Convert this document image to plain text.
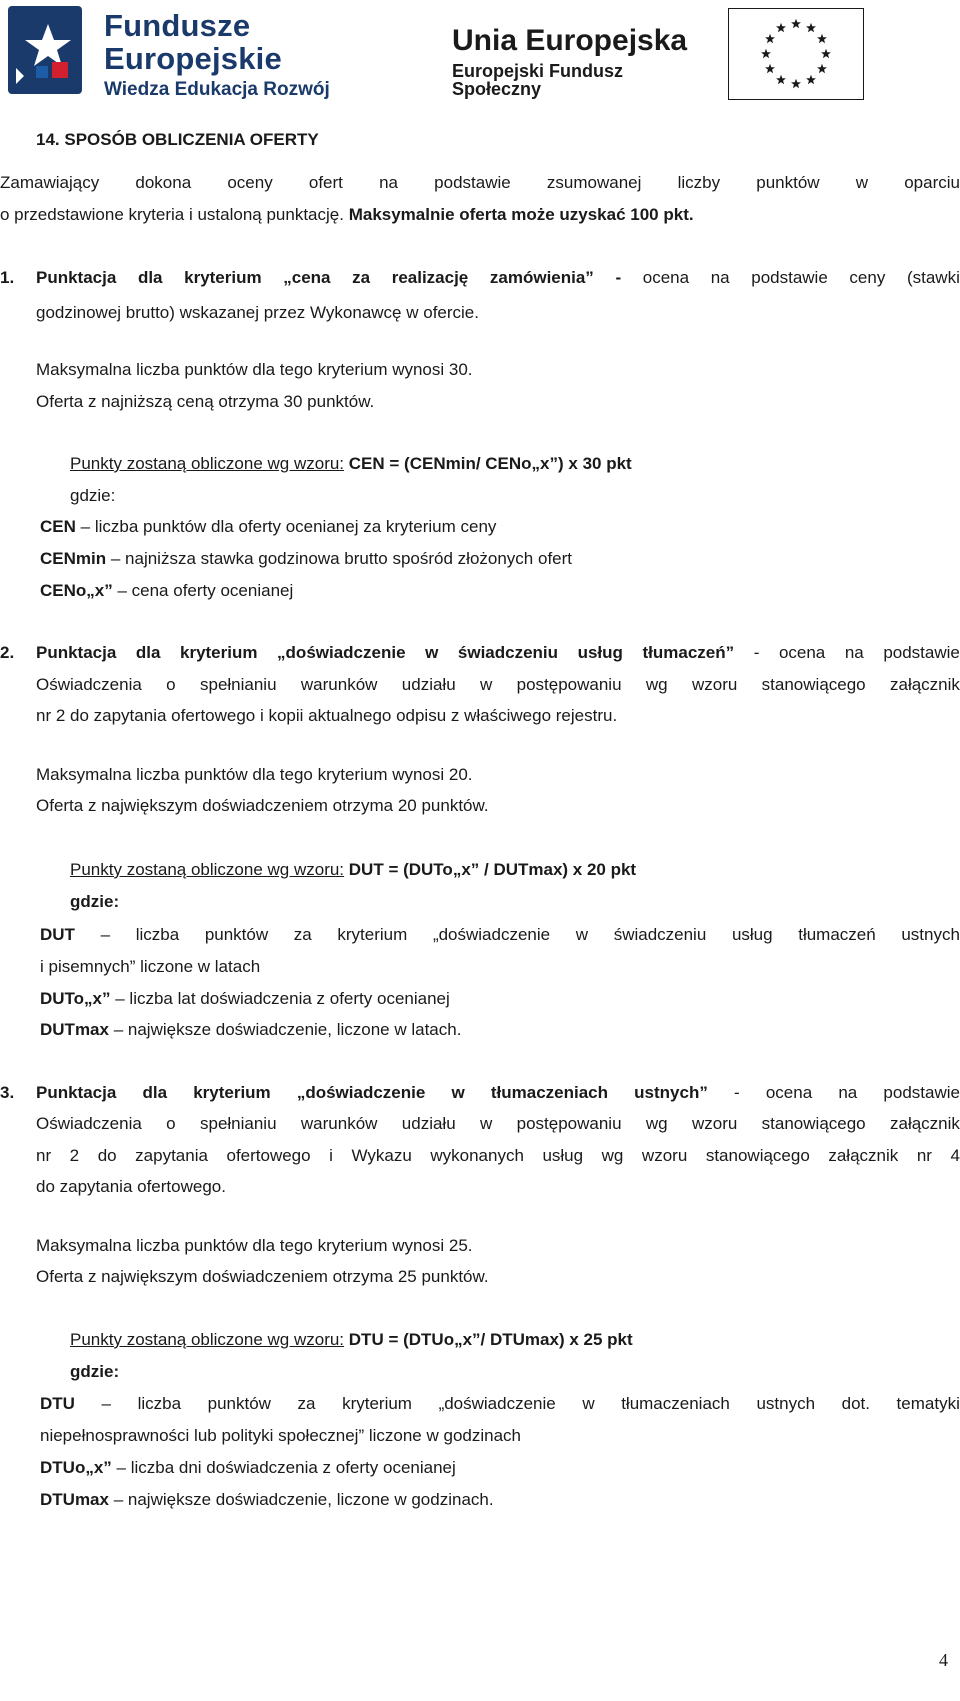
Fundusze
Europejskie
Wiedza Edukacja Rozwój
Unia Europejska
Europejski Fundusz Społeczny
14. SPOSÓB OBLICZENIA OFERTY
Zamawiający dokona oceny ofert na podstawie zsumowanej liczby punktów w oparciu
o przedstawione kryteria i ustaloną punktację. Maksymalnie oferta może uzyskać 100 pkt.
1.	Punktacja dla kryterium „cena za realizację zamówienia” - ocena na podstawie ceny (stawki
godzinowej brutto) wskazanej przez Wykonawcę w ofercie.
Maksymalna liczba punktów dla tego kryterium wynosi 30.
Oferta z najniższą ceną otrzyma 30 punktów.
Punkty zostaną obliczone wg wzoru: CEN = (CENmin/ CENo„x”) x 30 pkt
gdzie:
CEN – liczba punktów dla oferty ocenianej za kryterium ceny
CENmin – najniższa stawka godzinowa brutto spośród złożonych ofert
CENo„x” – cena oferty ocenianej
2.	Punktacja dla kryterium „doświadczenie w świadczeniu usług tłumaczeń” - ocena na podstawie
Oświadczenia o spełnianiu warunków udziału w postępowaniu wg wzoru stanowiącego załącznik
nr 2 do zapytania ofertowego i kopii aktualnego odpisu z właściwego rejestru.
Maksymalna liczba punktów dla tego kryterium wynosi 20.
Oferta z największym doświadczeniem otrzyma 20 punktów.
Punkty zostaną obliczone wg wzoru: DUT = (DUTo„x” / DUTmax) x 20 pkt
gdzie:
DUT – liczba punktów za kryterium „doświadczenie w świadczeniu usług tłumaczeń ustnych
i pisemnych” liczone w latach
DUTo„x” – liczba lat doświadczenia z oferty ocenianej
DUTmax – największe doświadczenie, liczone w latach.
3.	Punktacja dla kryterium „doświadczenie w tłumaczeniach ustnych” - ocena na podstawie
Oświadczenia o spełnianiu warunków udziału w postępowaniu wg wzoru stanowiącego załącznik
nr 2 do zapytania ofertowego i Wykazu wykonanych usług wg wzoru stanowiącego załącznik nr 4
do zapytania ofertowego.
Maksymalna liczba punktów dla tego kryterium wynosi 25.
Oferta z największym doświadczeniem otrzyma 25 punktów.
Punkty zostaną obliczone wg wzoru: DTU = (DTUo„x”/ DTUmax) x 25 pkt
gdzie:
DTU – liczba punktów za kryterium „doświadczenie w tłumaczeniach ustnych dot. tematyki
niepełnosprawności lub polityki społecznej” liczone w godzinach
DTUo„x” – liczba dni doświadczenia z oferty ocenianej
DTUmax – największe doświadczenie, liczone w godzinach.
4
